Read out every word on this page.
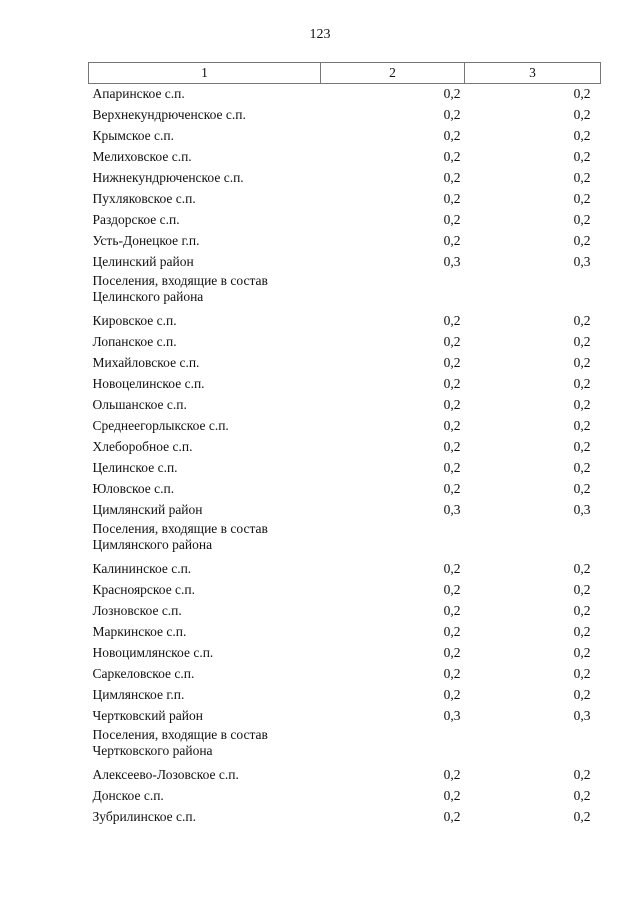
123
1	2	3

Апаринское с.п.	0,2	0,2

Верхнекундрюченское с.п.	0,2	0,2

Крымское с.п.	0,2	0,2

Мелиховское с.п.	0,2	0,2

Нижнекундрюченское с.п.	0,2	0,2

Пухляковское с.п.	0,2	0,2

Раздорское с.п.	0,2	0,2

Усть-Донецкое г.п.	0,2	0,2

Целинский район	0,3	0,3

Поселения, входящие в состав
Целинского района		

Кировское с.п.	0,2	0,2

Лопанское с.п.	0,2	0,2

Михайловское с.п.	0,2	0,2

Новоцелинское с.п.	0,2	0,2

Ольшанское с.п.	0,2	0,2

Среднеегорлыкское с.п.	0,2	0,2

Хлеборобное с.п.	0,2	0,2

Целинское с.п.	0,2	0,2

Юловское с.п.	0,2	0,2

Цимлянский район	0,3	0,3

Поселения, входящие в состав
Цимлянского района		

Калининское с.п.	0,2	0,2

Красноярское с.п.	0,2	0,2

Лозновское с.п.	0,2	0,2

Маркинское с.п.	0,2	0,2

Новоцимлянское с.п.	0,2	0,2

Саркеловское с.п.	0,2	0,2

Цимлянское г.п.	0,2	0,2

Чертковский район	0,3	0,3

Поселения, входящие в состав
Чертковского района		

Алексеево-Лозовское с.п.	0,2	0,2

Донское с.п.	0,2	0,2

Зубрилинское с.п.	0,2	0,2
